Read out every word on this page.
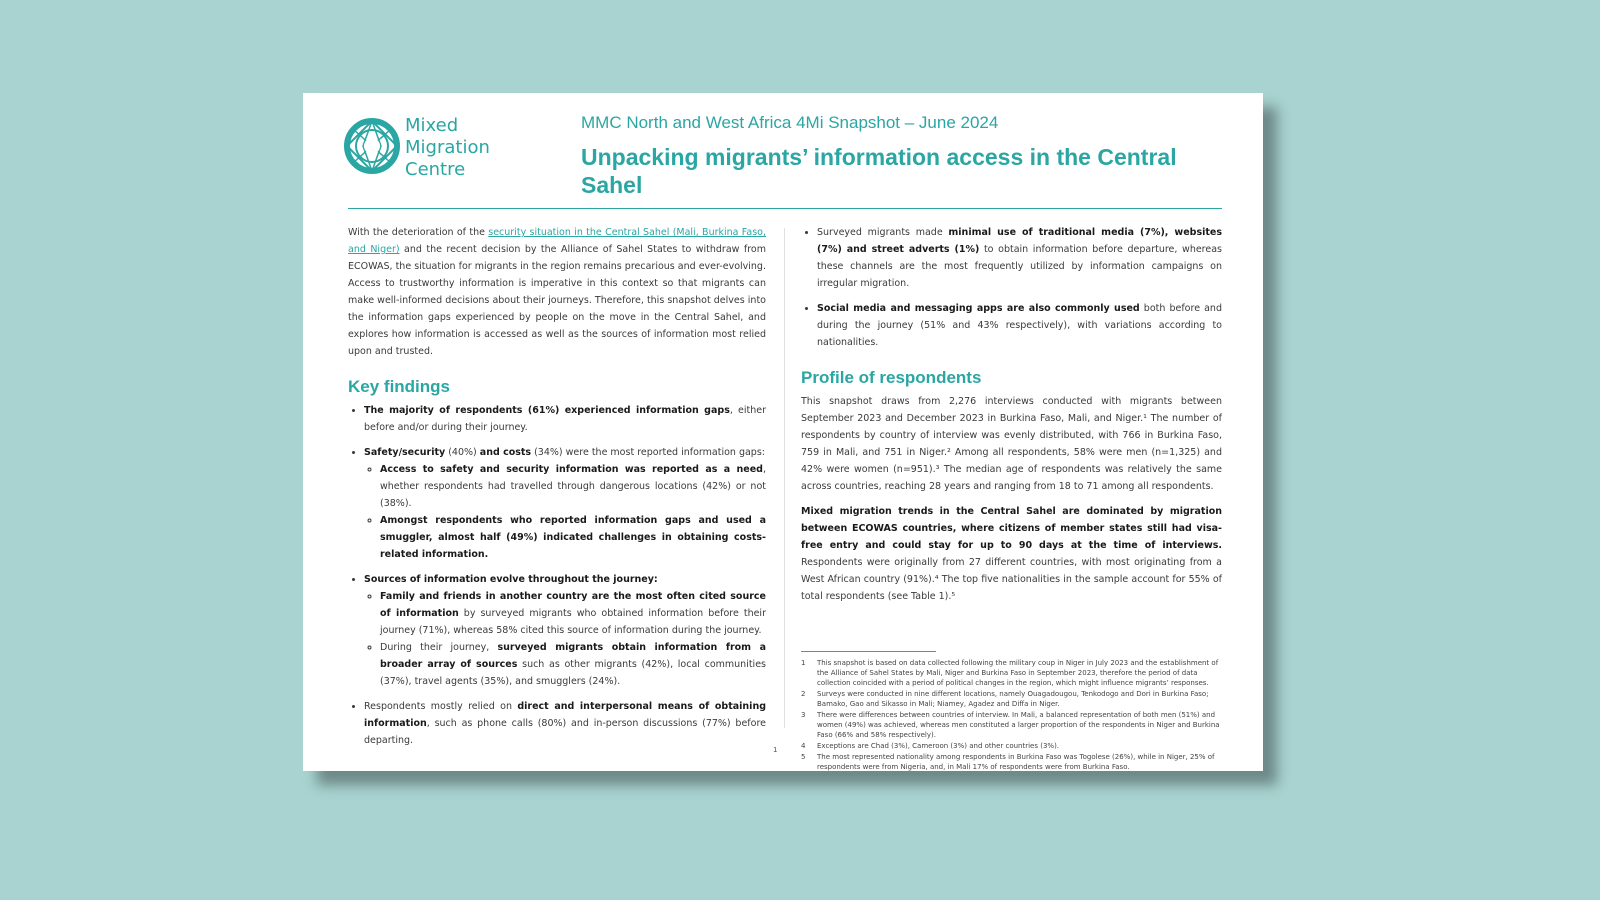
Mixed
Migration
Centre
MMC North and West Africa 4Mi Snapshot – June 2024
Unpacking migrants’ information access in the Central Sahel

With the deterioration of the security situation in the Central Sahel (Mali, Burkina Faso, and Niger) and the recent decision by the Alliance of Sahel States to withdraw from ECOWAS, the situation for migrants in the region remains precarious and ever-evolving. Access to trustworthy information is imperative in this context so that migrants can make well-informed decisions about their journeys. Therefore, this snapshot delves into the information gaps experienced by people on the move in the Central Sahel, and explores how information is accessed as well as the sources of information most relied upon and trusted.

Key findings
• The majority of respondents (61%) experienced information gaps, either before and/or during their journey.
• Safety/security (40%) and costs (34%) were the most reported information gaps:
◦ Access to safety and security information was reported as a need, whether respondents had travelled through dangerous locations (42%) or not (38%).
◦ Amongst respondents who reported information gaps and used a smuggler, almost half (49%) indicated challenges in obtaining costs-related information.
• Sources of information evolve throughout the journey:
◦ Family and friends in another country are the most often cited source of information by surveyed migrants who obtained information before their journey (71%), whereas 58% cited this source of information during the journey.
◦ During their journey, surveyed migrants obtain information from a broader array of sources such as other migrants (42%), local communities (37%), travel agents (35%), and smugglers (24%).
• Respondents mostly relied on direct and interpersonal means of obtaining information, such as phone calls (80%) and in-person discussions (77%) before departing.
• Surveyed migrants made minimal use of traditional media (7%), websites (7%) and street adverts (1%) to obtain information before departure, whereas these channels are the most frequently utilized by information campaigns on irregular migration.
• Social media and messaging apps are also commonly used both before and during the journey (51% and 43% respectively), with variations according to nationalities.
Profile of respondents

This snapshot draws from 2,276 interviews conducted with migrants between September 2023 and December 2023 in Burkina Faso, Mali, and Niger.¹ The number of respondents by country of interview was evenly distributed, with 766 in Burkina Faso, 759 in Mali, and 751 in Niger.² Among all respondents, 58% were men (n=1,325) and 42% were women (n=951).³ The median age of respondents was relatively the same across countries, reaching 28 years and ranging from 18 to 71 among all respondents.

Mixed migration trends in the Central Sahel are dominated by migration between ECOWAS countries, where citizens of member states still had visa-free entry and could stay for up to 90 days at the time of interviews. Respondents were originally from 27 different countries, with most originating from a West African country (91%).⁴ The top five nationalities in the sample account for 55% of total respondents (see Table 1).⁵

1	This snapshot is based on data collected following the military coup in Niger in July 2023 and the establishment of the Alliance of Sahel States by Mali, Niger and Burkina Faso in September 2023, therefore the period of data collection coincided with a period of political changes in the region, which might influence migrants’ responses.
2	Surveys were conducted in nine different locations, namely Ouagadougou, Tenkodogo and Dori in Burkina Faso; Bamako, Gao and Sikasso in Mali; Niamey, Agadez and Diffa in Niger.
3	There were differences between countries of interview. In Mali, a balanced representation of both men (51%) and women (49%) was achieved, whereas men constituted a larger proportion of the respondents in Niger and Burkina Faso (66% and 58% respectively).
4	Exceptions are Chad (3%), Cameroon (3%) and other countries (3%).
5	The most represented nationality among respondents in Burkina Faso was Togolese (26%), while in Niger, 25% of respondents were from Nigeria, and, in Mali 17% of respondents were from Burkina Faso.
1
